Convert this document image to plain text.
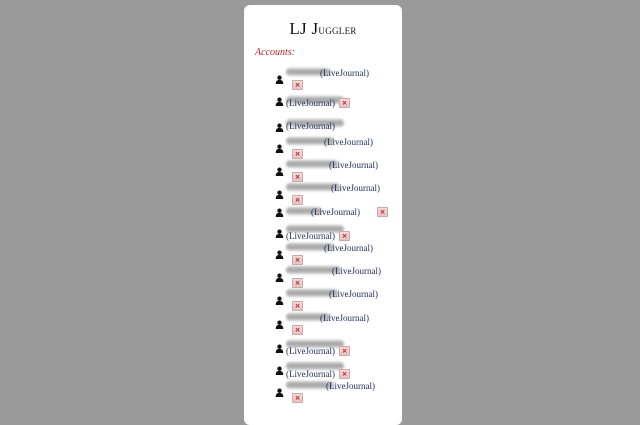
LJ Juggler
Accounts:
(LiveJournal)
×
(LiveJournal) ×
(LiveJournal)
(LiveJournal)
×
(LiveJournal)
×
(LiveJournal)
×
(LiveJournal)	×
(LiveJournal) ×
(LiveJournal)
×
(LiveJournal)
×
(LiveJournal)
×
(LiveJournal)
×
(LiveJournal) ×
(LiveJournal) ×
(LiveJournal)
×
